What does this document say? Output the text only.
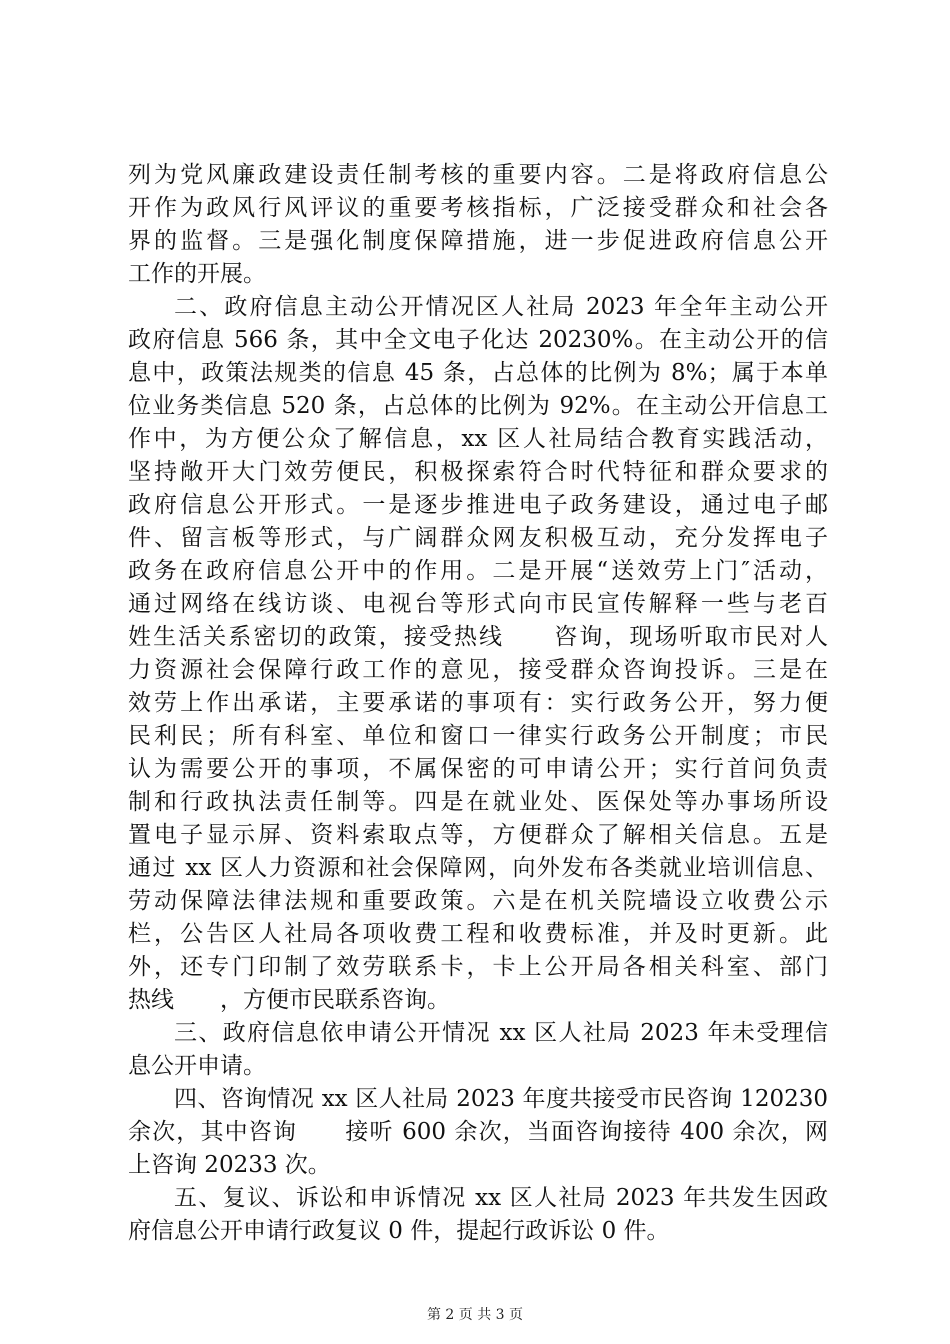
列为党风廉政建设责任制考核的重要内容。二是将政府信息公
开作为政风行风评议的重要考核指标，广泛接受群众和社会各
界的监督。三是强化制度保障措施，进一步促进政府信息公开
工作的开展。
二、政府信息主动公开情况区人社局 2023 年全年主动公开
政府信息 566 条，其中全文电子化达 20230%。在主动公开的信
息中，政策法规类的信息 45 条，占总体的比例为 8%；属于本单
位业务类信息 520 条，占总体的比例为 92%。在主动公开信息工
作中，为方便公众了解信息，xx 区人社局结合教育实践活动，
坚持敞开大门效劳便民，积极探索符合时代特征和群众要求的
政府信息公开形式。一是逐步推进电子政务建设，通过电子邮
件、留言板等形式，与广阔群众网友积极互动，充分发挥电子
政务在政府信息公开中的作用。二是开展“送效劳上门″活动，
通过网络在线访谈、电视台等形式向市民宣传解释一些与老百
姓生活关系密切的政策，接受热线　　咨询，现场听取市民对人
力资源社会保障行政工作的意见，接受群众咨询投诉。三是在
效劳上作出承诺，主要承诺的事项有：实行政务公开，努力便
民利民；所有科室、单位和窗口一律实行政务公开制度；市民
认为需要公开的事项，不属保密的可申请公开；实行首问负责
制和行政执法责任制等。四是在就业处、医保处等办事场所设
置电子显示屏、资料索取点等，方便群众了解相关信息。五是
通过 xx 区人力资源和社会保障网，向外发布各类就业培训信息、
劳动保障法律法规和重要政策。六是在机关院墙设立收费公示
栏，公告区人社局各项收费工程和收费标准，并及时更新。此
外，还专门印制了效劳联系卡，卡上公开局各相关科室、部门
热线　　，方便市民联系咨询。
三、政府信息依申请公开情况 xx 区人社局 2023 年未受理信
息公开申请。
四、咨询情况 xx 区人社局 2023 年度共接受市民咨询 120230
余次，其中咨询　　接听 600 余次，当面咨询接待 400 余次，网
上咨询 20233 次。
五、复议、诉讼和申诉情况 xx 区人社局 2023 年共发生因政
府信息公开申请行政复议 0 件，提起行政诉讼 0 件。
第 2 页 共 3 页
